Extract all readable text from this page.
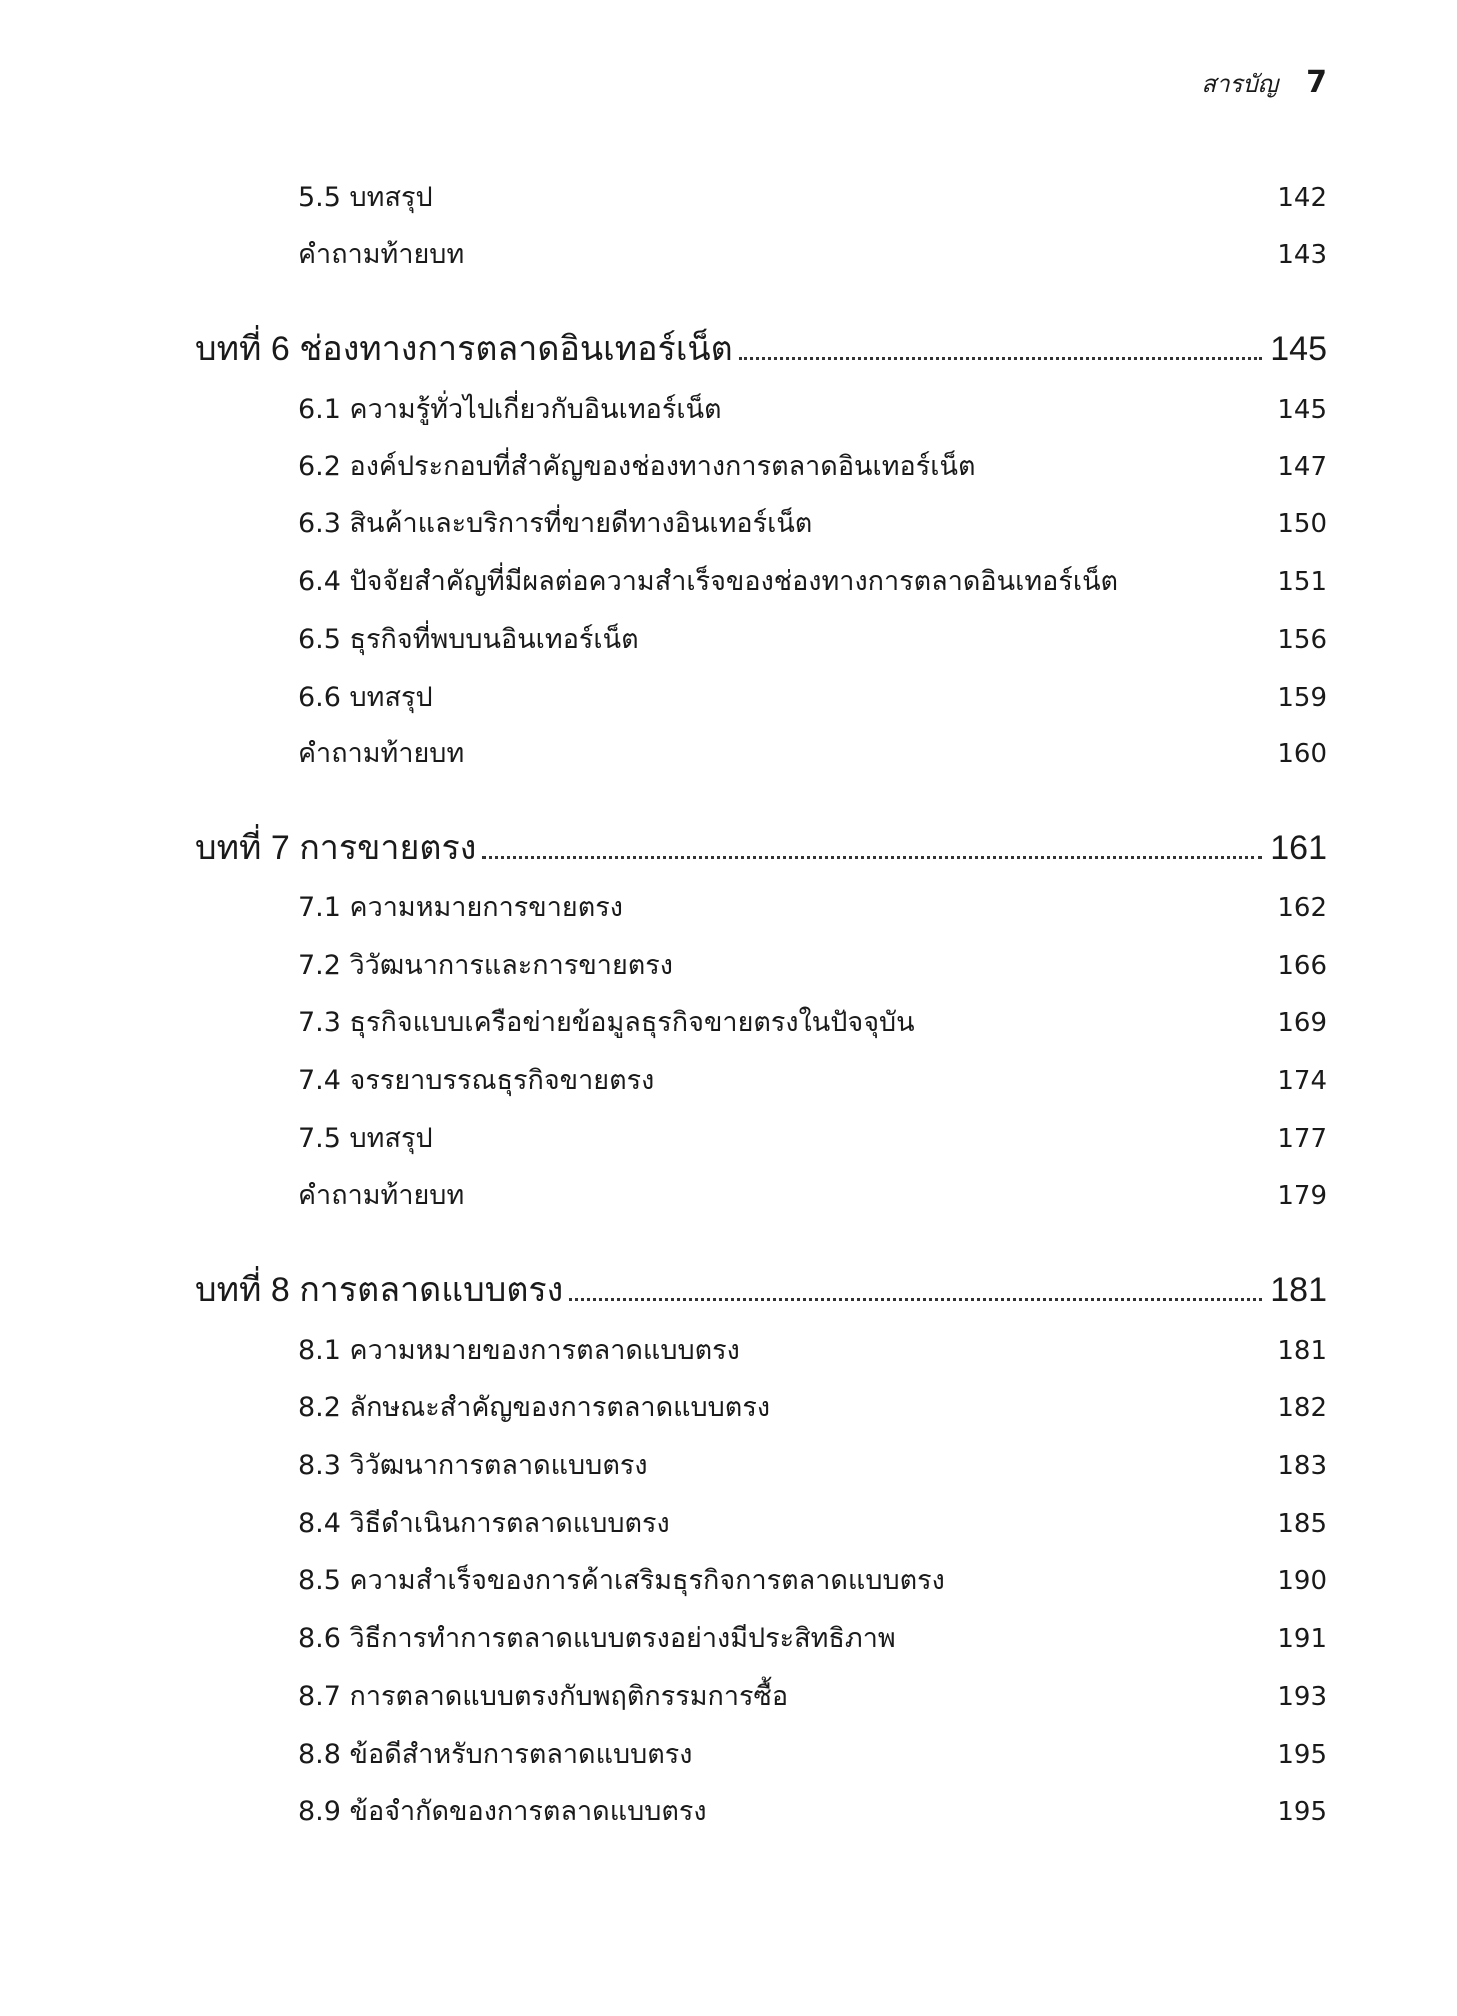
สารบัญ 7
5.5 บทสรุป	142
คำถามท้ายบท	143
บทที่ 6 ช่องทางการตลาดอินเทอร์เน็ต	145
6.1 ความรู้ทั่วไปเกี่ยวกับอินเทอร์เน็ต	145
6.2 องค์ประกอบที่สำคัญของช่องทางการตลาดอินเทอร์เน็ต	147
6.3 สินค้าและบริการที่ขายดีทางอินเทอร์เน็ต	150
6.4 ปัจจัยสำคัญที่มีผลต่อความสำเร็จของช่องทางการตลาดอินเทอร์เน็ต	151
6.5 ธุรกิจที่พบบนอินเทอร์เน็ต	156
6.6 บทสรุป	159
คำถามท้ายบท	160
บทที่ 7 การขายตรง	161
7.1 ความหมายการขายตรง	162
7.2 วิวัฒนาการและการขายตรง	166
7.3 ธุรกิจแบบเครือข่ายข้อมูลธุรกิจขายตรงในปัจจุบัน	169
7.4 จรรยาบรรณธุรกิจขายตรง	174
7.5 บทสรุป	177
คำถามท้ายบท	179
บทที่ 8 การตลาดแบบตรง	181
8.1 ความหมายของการตลาดแบบตรง	181
8.2 ลักษณะสำคัญของการตลาดแบบตรง	182
8.3 วิวัฒนาการตลาดแบบตรง	183
8.4 วิธีดำเนินการตลาดแบบตรง	185
8.5 ความสำเร็จของการค้าเสริมธุรกิจการตลาดแบบตรง	190
8.6 วิธีการทำการตลาดแบบตรงอย่างมีประสิทธิภาพ	191
8.7 การตลาดแบบตรงกับพฤติกรรมการซื้อ	193
8.8 ข้อดีสำหรับการตลาดแบบตรง	195
8.9 ข้อจำกัดของการตลาดแบบตรง	195
